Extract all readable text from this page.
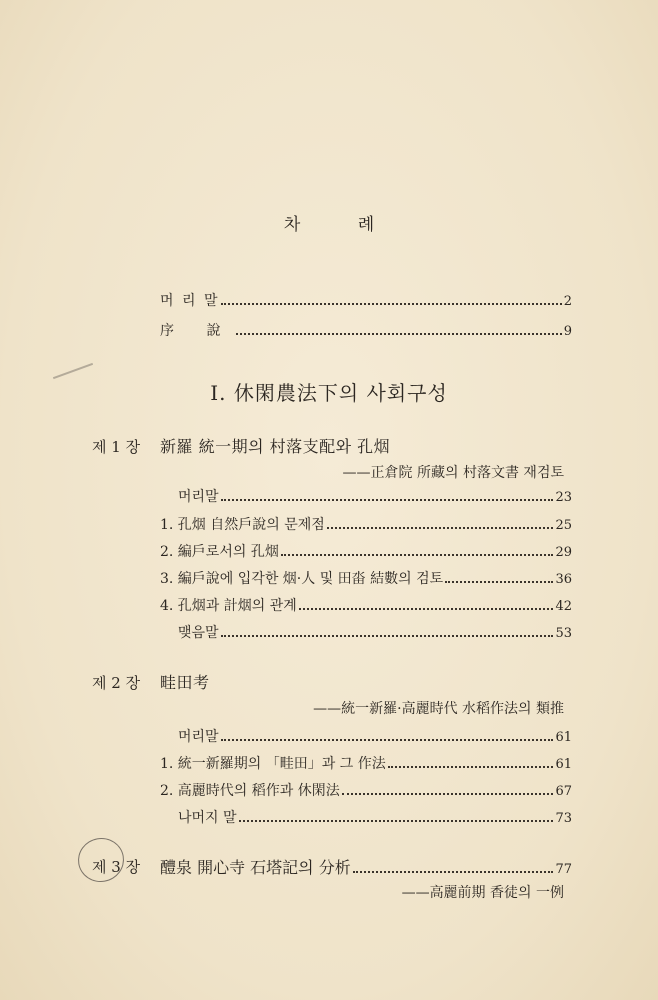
차 례
머 리 말	2
序 說	9
I. 休閑農法下의 사회구성
제 1 장 新羅 統一期의 村落支配와 孔烟
——正倉院 所藏의 村落文書 재검토
머리말	23
1. 孔烟 自然戶說의 문제점	25
2. 編戶로서의 孔烟	29
3. 編戶說에 입각한 烟·人 및 田畓 結數의 검토	36
4. 孔烟과 計烟의 관계	42
맺음말	53
제 2 장 畦田考
——統一新羅·高麗時代 水稻作法의 類推
머리말	61
1. 統一新羅期의 「畦田」과 그 作法	61
2. 高麗時代의 稻作과 休閑法	67
나머지 말	73
제 3 장 醴泉 開心寺 石塔記의 分析	77
——高麗前期 香徒의 一例
